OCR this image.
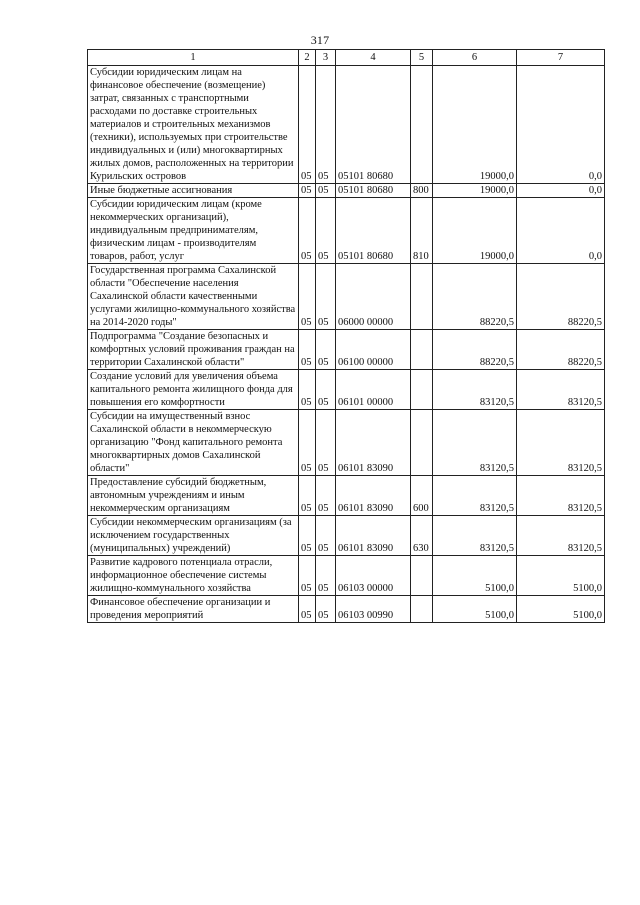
317
1	2	3	4	5	6	7
Субсидии юридическим лицам на финансовое обеспечение (возмещение) затрат, связанных с транспортными расходами по доставке строительных материалов и строительных механизмов (техники), используемых при строительстве индивидуальных и (или) многоквартирных жилых домов, расположенных на территории Курильских островов	05	05	05101 80680		19000,0	0,0
Иные бюджетные ассигнования	05	05	05101 80680	800	19000,0	0,0
Субсидии юридическим лицам (кроме некоммерческих организаций), индивидуальным предпринимателям, физическим лицам - производителям товаров, работ, услуг	05	05	05101 80680	810	19000,0	0,0
Государственная программа Сахалинской области "Обеспечение населения Сахалинской области качественными услугами жилищно-коммунального хозяйства на 2014-2020 годы"	05	05	06000 00000		88220,5	88220,5
Подпрограмма "Создание безопасных и комфортных условий проживания граждан на территории Сахалинской области"	05	05	06100 00000		88220,5	88220,5
Создание условий для увеличения объема капитального ремонта жилищного фонда для повышения его комфортности	05	05	06101 00000		83120,5	83120,5
Субсидии на имущественный взнос Сахалинской области в некоммерческую организацию "Фонд капитального ремонта многоквартирных домов Сахалинской области"	05	05	06101 83090		83120,5	83120,5
Предоставление субсидий бюджетным, автономным учреждениям и иным некоммерческим организациям	05	05	06101 83090	600	83120,5	83120,5
Субсидии некоммерческим организациям (за исключением государственных (муниципальных) учреждений)	05	05	06101 83090	630	83120,5	83120,5
Развитие кадрового потенциала отрасли, информационное обеспечение системы жилищно-коммунального хозяйства	05	05	06103 00000		5100,0	5100,0
Финансовое обеспечение организации и проведения мероприятий	05	05	06103 00990		5100,0	5100,0
